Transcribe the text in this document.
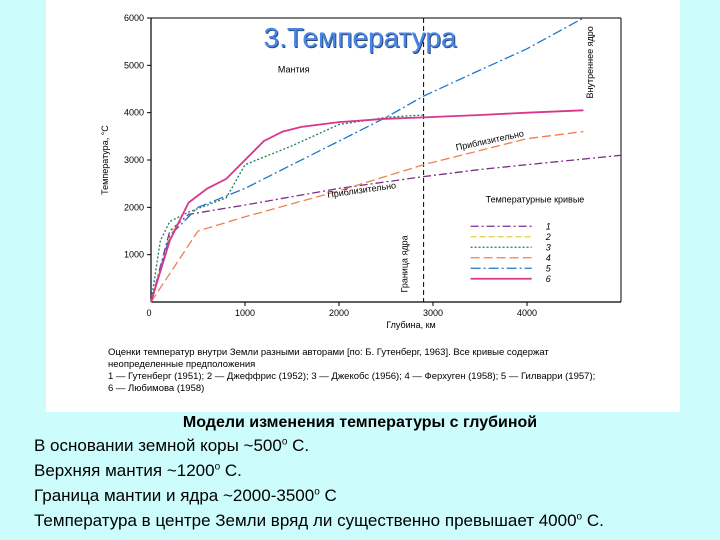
0	1000	2000	3000	4000
1000
2000
3000
4000
5000
6000
Глубина, км
Температура, °С
Мантия	Внутреннее ядро
Граница ядра
Приблизительно
Приблизительно	Температурные кривые
1
2
3
4
5
6
Оценки температур внутри Земли разными авторами [по: Б. Гутенберг, 1963]. Все кривые содержат
неопределенные предположения
1 — Гутенберг (1951); 2 — Джеффрис (1952); 3 — Джекобс (1956); 4 — Ферхуген (1958); 5 — Гилварри (1957);
6 — Любимова (1958)
3.Температура
Модели изменения температуры с глубиной
В основании земной коры $\sim 500^о$ С.
Верхняя мантия $\sim 1200^о$ С.
Граница мантии и ядра $\sim 2000-3500^о$ С
Температура в центре Земли вряд ли существенно превышает $4000^о$ С.
